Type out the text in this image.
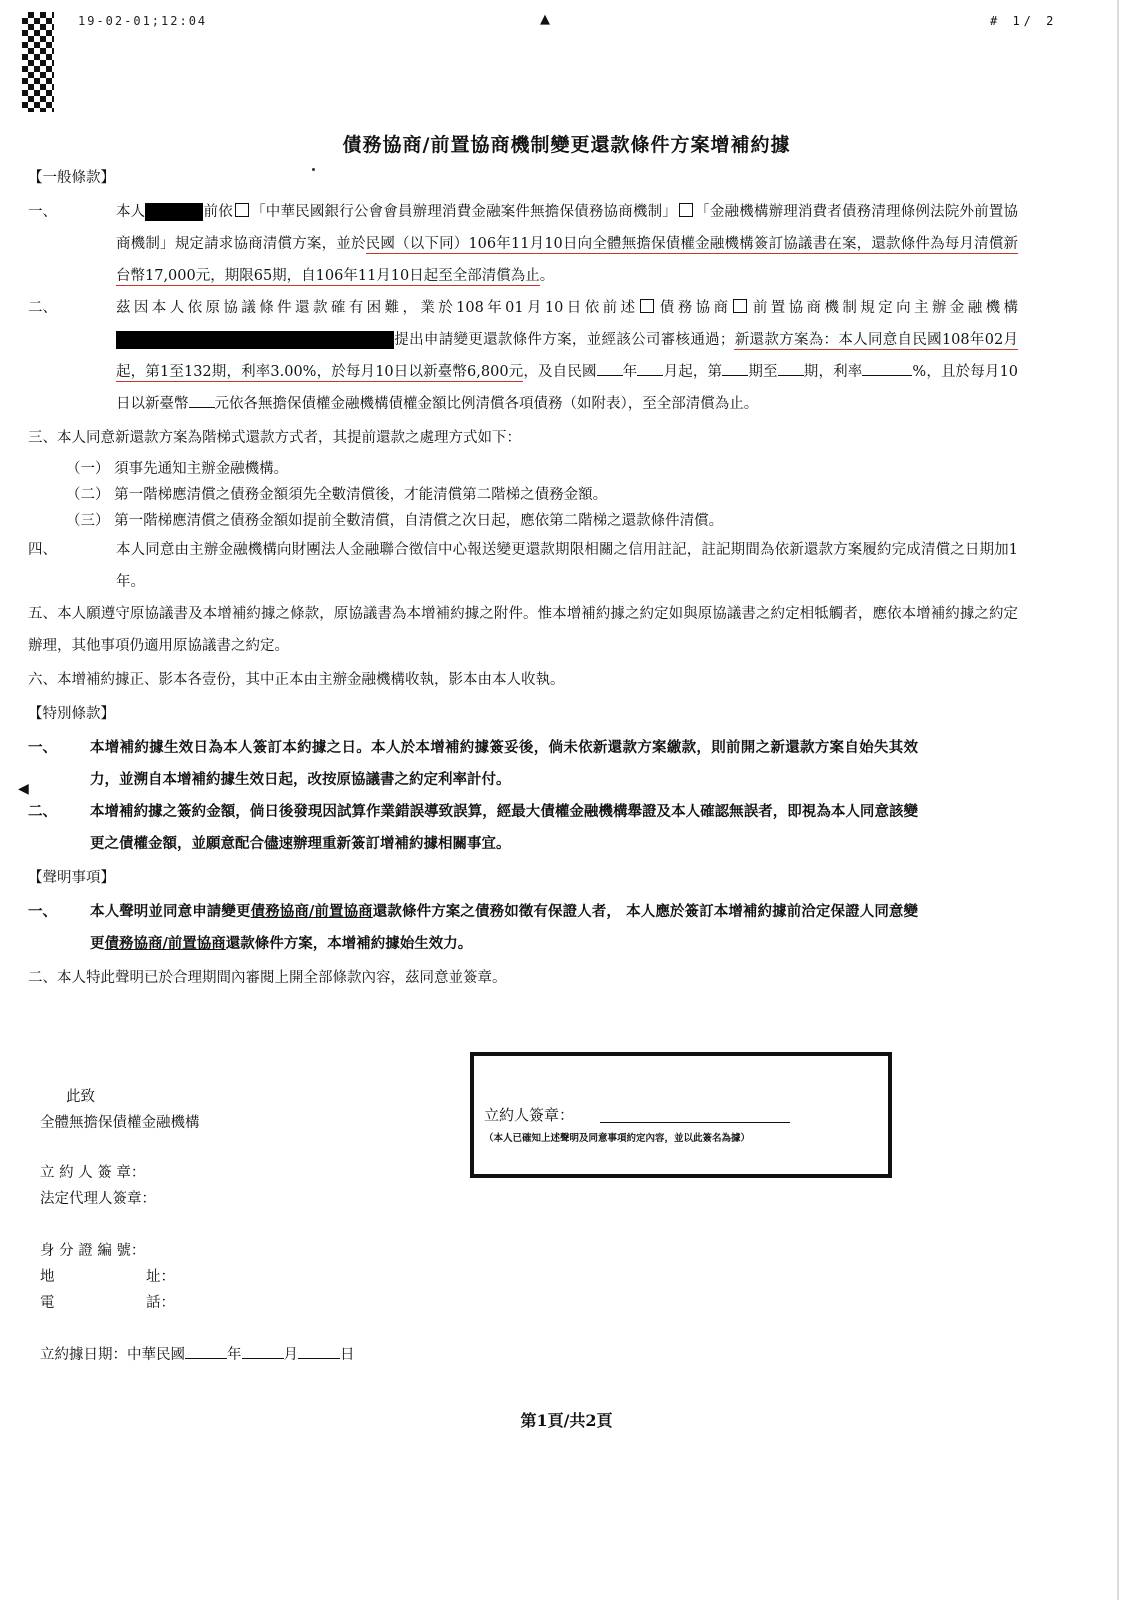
19-02-01;12:04	▲	# 1/ 2
債務協商/前置協商機制變更還款條件方案增補約據
【一般條款】
一、	本人	前依 「中華民國銀行公會會員辦理消費金融案件無擔保債務協商機制」 「金融機構辦理消費者債務清理條例法院外前置協商機制」規定請求協商清償方案，並於民國（以下同）106年11月10日向全體無擔保債權金融機構簽訂協議書在案，還款條件為每月清償新台幣17,000元，期限65期，自106年11月10日起至全部清償為止。
二、	茲因本人依原協議條件還款確有困難，業於108年01月10日依前述 債務協商 前置協商機制規定向主辦金融機構提出申請變更還款條件方案，並經該公司審核通過；新還款方案為：本人同意自民國108年02月起，第1至132期，利率3.00%，於每月10日以新臺幣6,800元，及自民國 年 月起，第 期至 期，利率	%，且於每月10日以新臺幣 元依各無擔保債權金融機構債權金額比例清償各項債務（如附表），至全部清償為止。
三、本人同意新還款方案為階梯式還款方式者，其提前還款之處理方式如下：
（一） 須事先通知主辦金融機構。
（二） 第一階梯應清償之債務金額須先全數清償後，才能清償第二階梯之債務金額。
（三） 第一階梯應清償之債務金額如提前全數清償，自清償之次日起，應依第二階梯之還款條件清償。
四、	本人同意由主辦金融機構向財團法人金融聯合徵信中心報送變更還款期限相關之信用註記，註記期間為依新還款方案履約完成清償之日期加1年。
五、本人願遵守原協議書及本增補約據之條款，原協議書為本增補約據之附件。惟本增補約據之約定如與原協議書之約定相牴觸者，應依本增補約據之約定辦理，其他事項仍適用原協議書之約定。
六、本增補約據正、影本各壹份，其中正本由主辦金融機構收執，影本由本人收執。
【特別條款】
一、	本增補約據生效日為本人簽訂本約據之日。本人於本增補約據簽妥後，倘未依新還款方案繳款，則前開之新還款方案自始失其效力，並溯自本增補約據生效日起，改按原協議書之約定利率計付。
二、	本增補約據之簽約金額，倘日後發現因試算作業錯誤導致誤算，經最大債權金融機構舉證及本人確認無誤者，即視為本人同意該變更之債權金額，並願意配合儘速辦理重新簽訂增補約據相關事宜。
【聲明事項】
一、	本人聲明並同意申請變更債務協商/前置協商還款條件方案之債務如徵有保證人者， 本人應於簽訂本增補約據前洽定保證人同意變更債務協商/前置協商還款條件方案，本增補約據始生效力。
二、本人特此聲明已於合理期間內審閱上開全部條款內容，茲同意並簽章。
◀
立約人簽章：
（本人已確知上述聲明及同意事項約定內容，並以此簽名為據）
此致
全體無擔保債權金融機構
立 約 人 簽 章：
法定代理人簽章：
身 分 證 編 號：
地	址：
電	話：
立約據日期：中華民國	年	月	日
第1頁/共2頁
